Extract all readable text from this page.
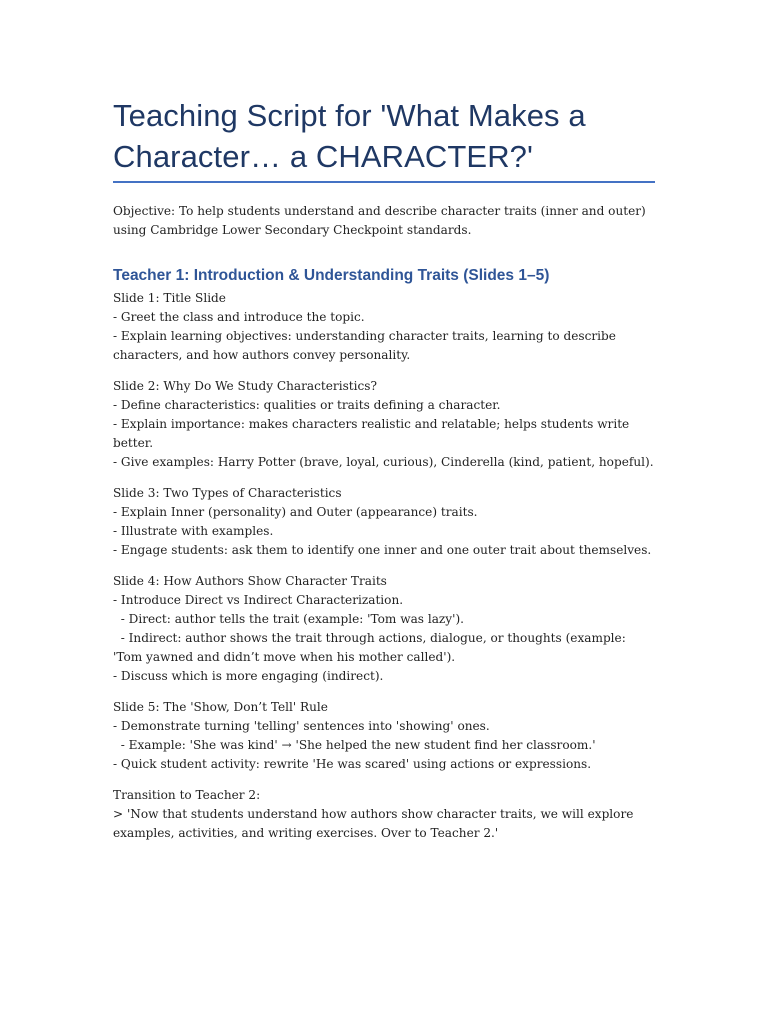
Teaching Script for 'What Makes a Character… a CHARACTER?'

Objective: To help students understand and describe character traits (inner and outer) using Cambridge Lower Secondary Checkpoint standards.

Teacher 1: Introduction & Understanding Traits (Slides 1–5)
Slide 1: Title Slide
- Greet the class and introduce the topic.
- Explain learning objectives: understanding character traits, learning to describe characters, and how authors convey personality.
Slide 2: Why Do We Study Characteristics?
- Define characteristics: qualities or traits defining a character.
- Explain importance: makes characters realistic and relatable; helps students write better.
- Give examples: Harry Potter (brave, loyal, curious), Cinderella (kind, patient, hopeful).
Slide 3: Two Types of Characteristics
- Explain Inner (personality) and Outer (appearance) traits.
- Illustrate with examples.
- Engage students: ask them to identify one inner and one outer trait about themselves.
Slide 4: How Authors Show Character Traits
- Introduce Direct vs Indirect Characterization.
- Direct: author tells the trait (example: 'Tom was lazy').
- Indirect: author shows the trait through actions, dialogue, or thoughts (example: 'Tom yawned and didn’t move when his mother called').
- Discuss which is more engaging (indirect).
Slide 5: The 'Show, Don’t Tell' Rule
- Demonstrate turning 'telling' sentences into 'showing' ones.
- Example: 'She was kind' → 'She helped the new student find her classroom.'
- Quick student activity: rewrite 'He was scared' using actions or expressions.
Transition to Teacher 2:
> 'Now that students understand how authors show character traits, we will explore examples, activities, and writing exercises. Over to Teacher 2.'
